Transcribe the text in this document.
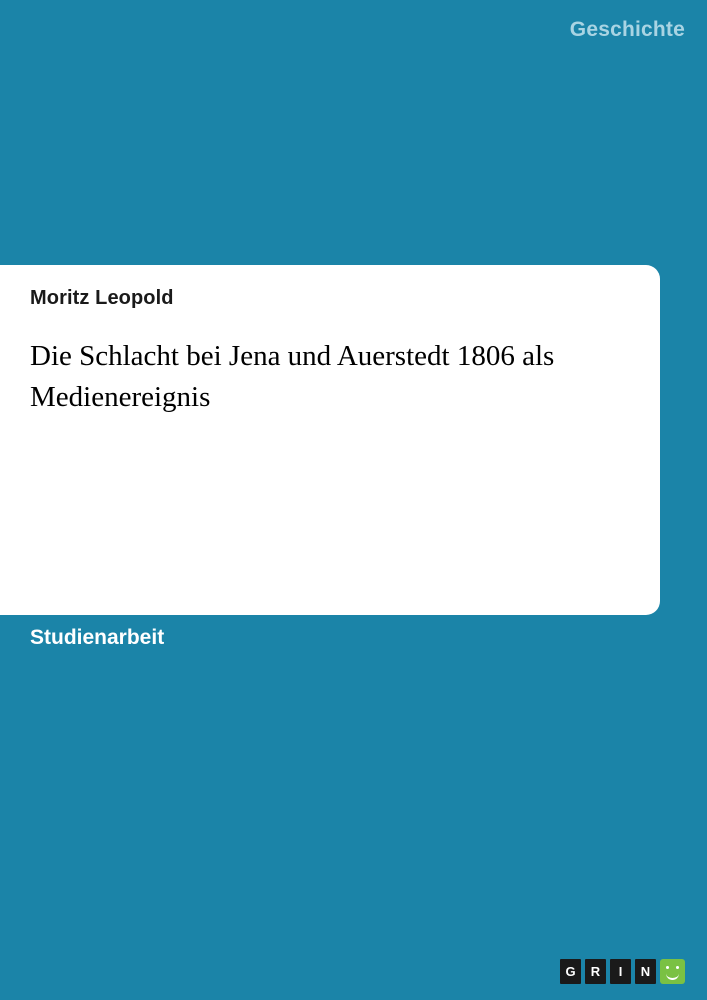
Geschichte

Moritz Leopold

Die Schlacht bei Jena und Auerstedt 1806 als Medienereignis
Studienarbeit
G	R	I	N
